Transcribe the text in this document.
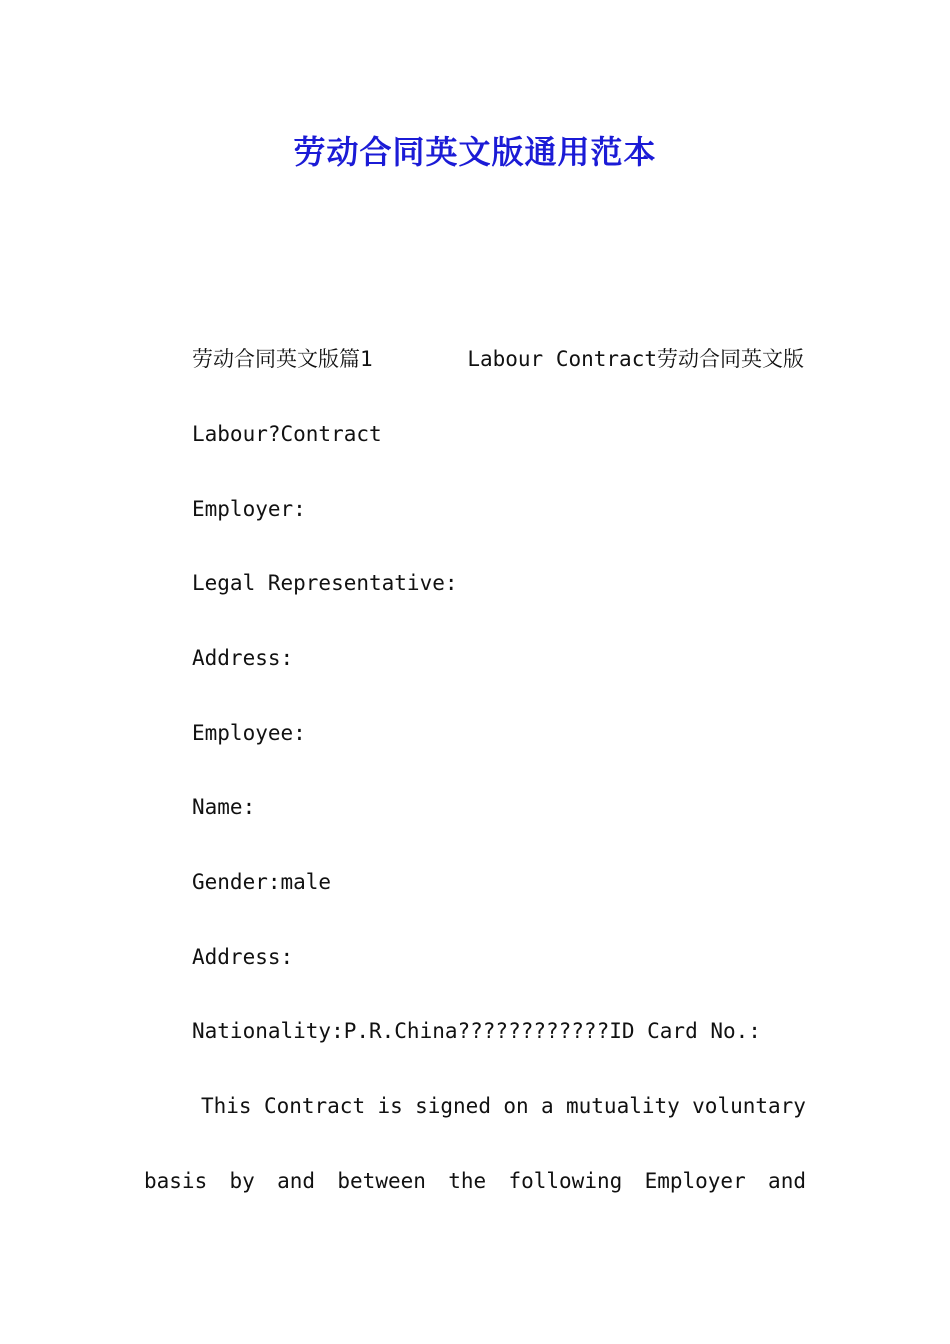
劳动合同英文版通用范本
劳动合同英文版篇1	Labour Contract劳动合同英文版
Labour?Contract
Employer:
Legal Representative:
Address:
Employee:
Name:
Gender:male
Address:
Nationality:P.R.China????????????ID Card No.:
This Contract is signed on a mutuality voluntary
basis by and between the following Employer and
